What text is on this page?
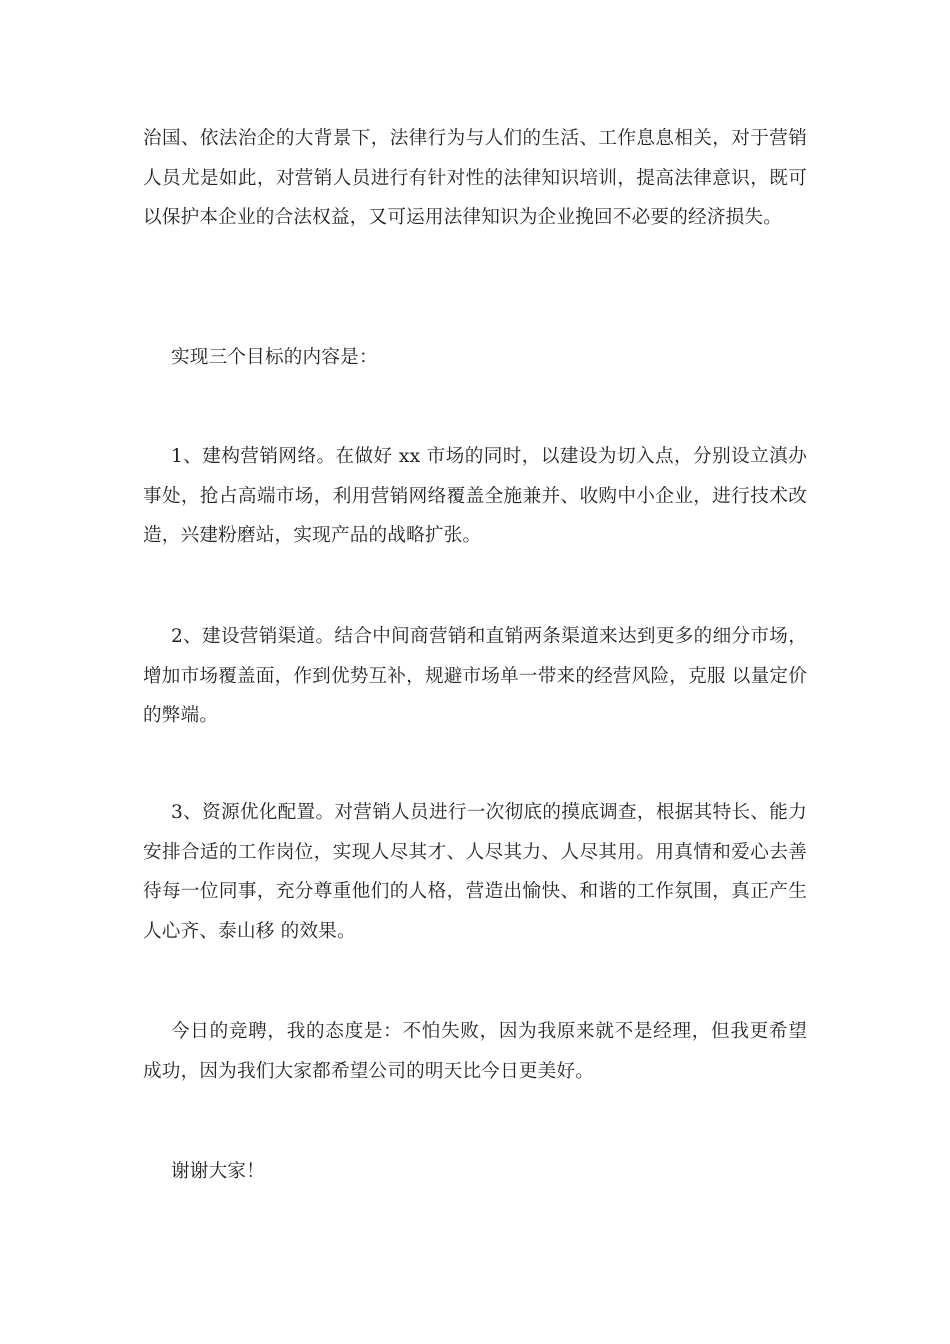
治国、依法治企的大背景下，法律行为与人们的生活、工作息息相关，对于营销人员尤是如此，对营销人员进行有针对性的法律知识培训，提高法律意识，既可以保护本企业的合法权益，又可运用法律知识为企业挽回不必要的经济损失。

实现三个目标的内容是：

1、建构营销网络。在做好 xx 市场的同时，以建设为切入点，分别设立滇办事处，抢占高端市场，利用营销网络覆盖全施兼并、收购中小企业，进行技术改造，兴建粉磨站，实现产品的战略扩张。

2、建设营销渠道。结合中间商营销和直销两条渠道来达到更多的细分市场，增加市场覆盖面，作到优势互补，规避市场单一带来的经营风险，克服 以量定价 的弊端。

3、资源优化配置。对营销人员进行一次彻底的摸底调查，根据其特长、能力安排合适的工作岗位，实现人尽其才、人尽其力、人尽其用。用真情和爱心去善待每一位同事，充分尊重他们的人格，营造出愉快、和谐的工作氛围，真正产生 人心齐、泰山移 的效果。

今日的竞聘，我的态度是：不怕失败，因为我原来就不是经理，但我更希望成功，因为我们大家都希望公司的明天比今日更美好。

谢谢大家！
